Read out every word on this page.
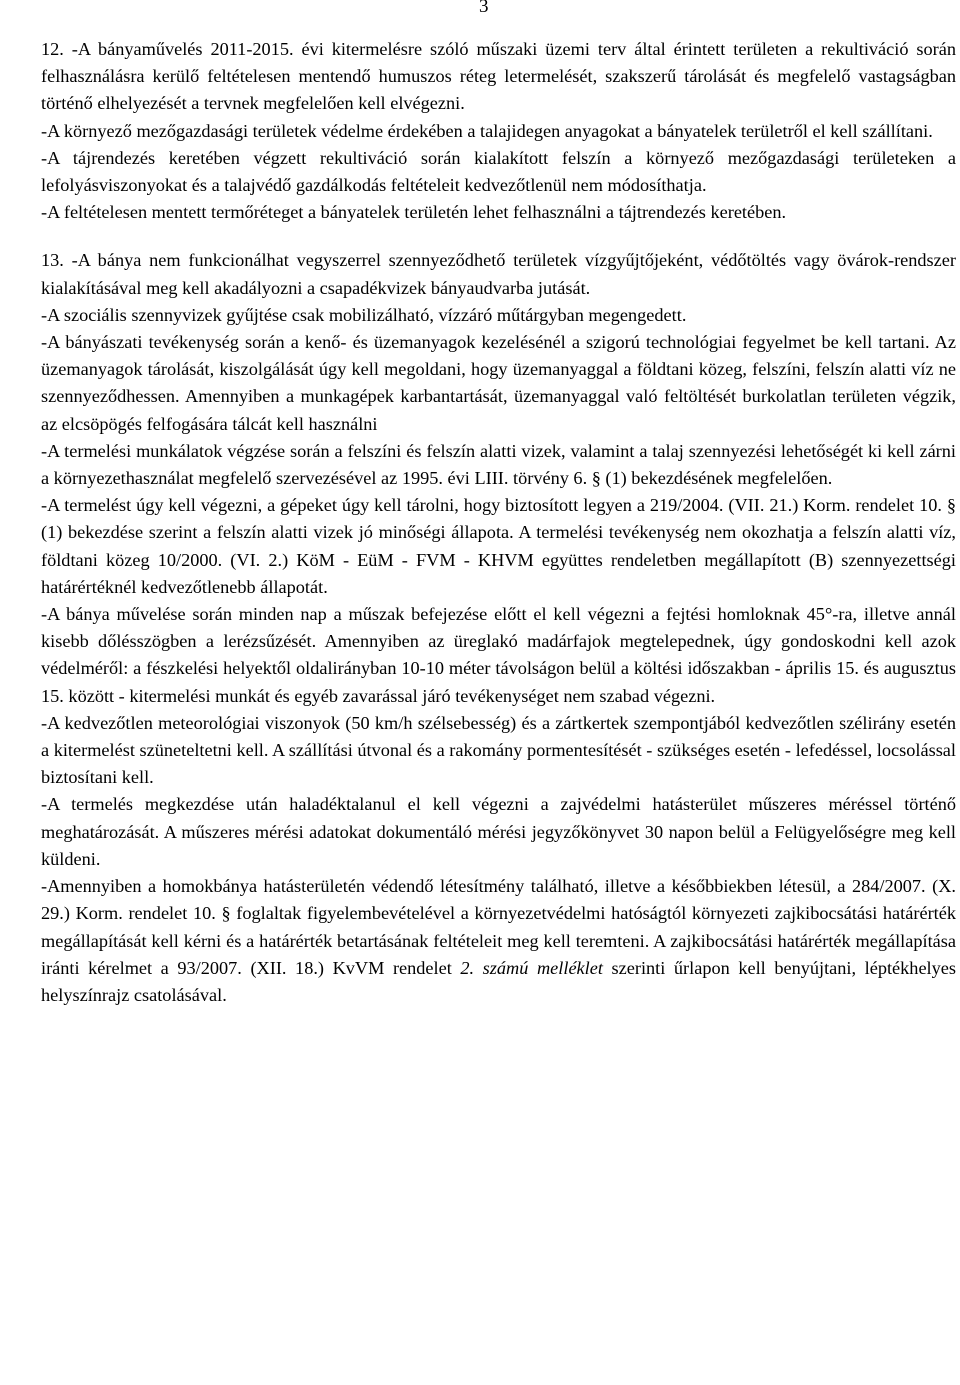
3

12. -A bányaművelés 2011-2015. évi kitermelésre szóló műszaki üzemi terv által érintett területen a rekultiváció során felhasználásra kerülő feltételesen mentendő humuszos réteg letermelését, szakszerű tárolását és megfelelő vastagságban történő elhelyezését a tervnek megfelelően kell elvégezni.

-A környező mezőgazdasági területek védelme érdekében a talajidegen anyagokat a bányatelek területről el kell szállítani.

-A tájrendezés keretében végzett rekultiváció során kialakított felszín a környező mezőgazdasági területeken a lefolyásviszonyokat és a talajvédő gazdálkodás feltételeit kedvezőtlenül nem módosíthatja.

-A feltételesen mentett termőréteget a bányatelek területén lehet felhasználni a tájtrendezés keretében.

13. -A bánya nem funkcionálhat vegyszerrel szennyeződhető területek vízgyűjtőjeként, védőtöltés vagy övárok-rendszer kialakításával meg kell akadályozni a csapadékvizek bányaudvarba jutását.

-A szociális szennyvizek gyűjtése csak mobilizálható, vízzáró műtárgyban megengedett.

-A bányászati tevékenység során a kenő- és üzemanyagok kezelésénél a szigorú technológiai fegyelmet be kell tartani. Az üzemanyagok tárolását, kiszolgálását úgy kell megoldani, hogy üzemanyaggal a földtani közeg, felszíni, felszín alatti víz ne szennyeződhessen. Amennyiben a munkagépek karbantartását, üzemanyaggal való feltöltését burkolatlan területen végzik, az elcsöpögés felfogására tálcát kell használni

-A termelési munkálatok végzése során a felszíni és felszín alatti vizek, valamint a talaj szennyezési lehetőségét ki kell zárni a környezethasználat megfelelő szervezésével az 1995. évi LIII. törvény 6. § (1) bekezdésének megfelelően.

-A termelést úgy kell végezni, a gépeket úgy kell tárolni, hogy biztosított legyen a 219/2004. (VII. 21.) Korm. rendelet 10. § (1) bekezdése szerint a felszín alatti vizek jó minőségi állapota. A termelési tevékenység nem okozhatja a felszín alatti víz, földtani közeg 10/2000. (VI. 2.) KöM - EüM - FVM - KHVM együttes rendeletben megállapított (B) szennyezettségi határértéknél kedvezőtlenebb állapotát.

-A bánya művelése során minden nap a műszak befejezése előtt el kell végezni a fejtési homloknak 45°-ra, illetve annál kisebb dőlésszögben a lerézsűzését. Amennyiben az üreglakó madárfajok megtelepednek, úgy gondoskodni kell azok védelméről: a fészkelési helyektől oldalirányban 10-10 méter távolságon belül a költési időszakban - április 15. és augusztus 15. között - kitermelési munkát és egyéb zavarással járó tevékenységet nem szabad végezni.

-A kedvezőtlen meteorológiai viszonyok (50 km/h szélsebesség) és a zártkertek szempontjából kedvezőtlen szélirány esetén a kitermelést szüneteltetni kell. A szállítási útvonal és a rakomány pormentesítését - szükséges esetén - lefedéssel, locsolással biztosítani kell.

-A termelés megkezdése után haladéktalanul el kell végezni a zajvédelmi hatásterület műszeres méréssel történő meghatározását. A műszeres mérési adatokat dokumentáló mérési jegyzőkönyvet 30 napon belül a Felügyelőségre meg kell küldeni.

-Amennyiben a homokbánya hatásterületén védendő létesítmény található, illetve a későbbiekben létesül, a 284/2007. (X. 29.) Korm. rendelet 10. § foglaltak figyelembevételével a környezetvédelmi hatóságtól környezeti zajkibocsátási határérték megállapítását kell kérni és a határérték betartásának feltételeit meg kell teremteni. A zajkibocsátási határérték megállapítása iránti kérelmet a 93/2007. (XII. 18.) KvVM rendelet 2. számú melléklet szerinti űrlapon kell benyújtani, léptékhelyes helyszínrajz csatolásával.
